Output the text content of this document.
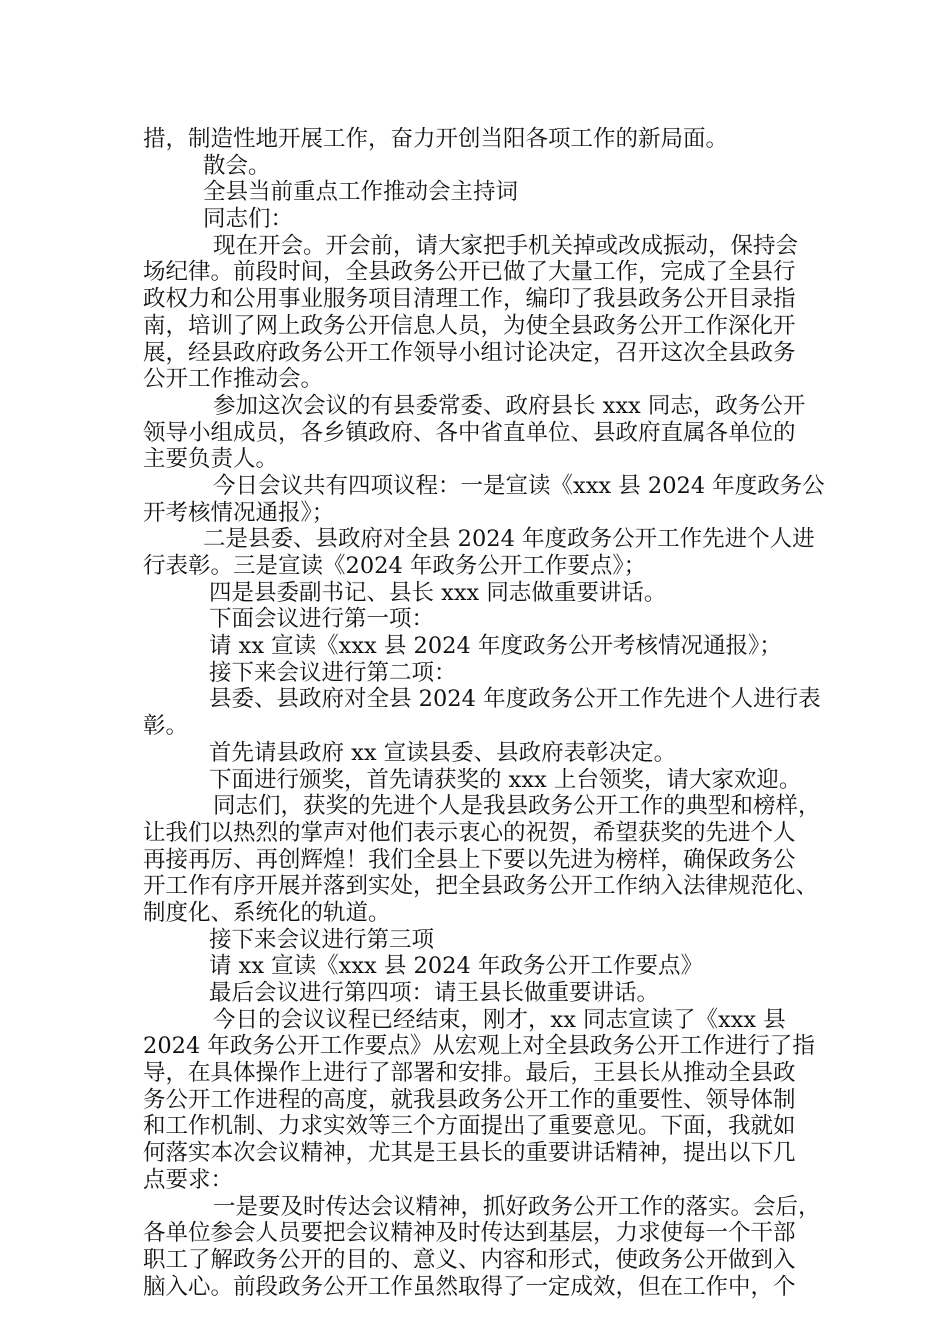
措，制造性地开展工作，奋力开创当阳各项工作的新局面。
散会。
全县当前重点工作推动会主持词
同志们：
现在开会。开会前，请大家把手机关掉或改成振动，保持会
场纪律。前段时间，全县政务公开已做了大量工作，完成了全县行
政权力和公用事业服务项目清理工作，编印了我县政务公开目录指
南，培训了网上政务公开信息人员，为使全县政务公开工作深化开
展，经县政府政务公开工作领导小组讨论决定，召开这次全县政务
公开工作推动会。
参加这次会议的有县委常委、政府县长 xxx 同志，政务公开
领导小组成员，各乡镇政府、各中省直单位、县政府直属各单位的
主要负责人。
今日会议共有四项议程：一是宣读《xxx 县 2024 年度政务公
开考核情况通报》；
二是县委、县政府对全县 2024 年度政务公开工作先进个人进
行表彰。三是宣读《2024 年政务公开工作要点》；
四是县委副书记、县长 xxx 同志做重要讲话。
下面会议进行第一项：
请 xx 宣读《xxx 县 2024 年度政务公开考核情况通报》；
接下来会议进行第二项：
县委、县政府对全县 2024 年度政务公开工作先进个人进行表
彰。
首先请县政府 xx 宣读县委、县政府表彰决定。
下面进行颁奖，首先请获奖的 xxx 上台领奖，请大家欢迎。
同志们，获奖的先进个人是我县政务公开工作的典型和榜样，
让我们以热烈的掌声对他们表示衷心的祝贺，希望获奖的先进个人
再接再厉、再创辉煌！我们全县上下要以先进为榜样，确保政务公
开工作有序开展并落到实处，把全县政务公开工作纳入法律规范化、
制度化、系统化的轨道。
接下来会议进行第三项
请 xx 宣读《xxx 县 2024 年政务公开工作要点》
最后会议进行第四项：请王县长做重要讲话。
今日的会议议程已经结束，刚才，xx 同志宣读了《xxx 县
2024 年政务公开工作要点》从宏观上对全县政务公开工作进行了指
导，在具体操作上进行了部署和安排。最后，王县长从推动全县政
务公开工作进程的高度，就我县政务公开工作的重要性、领导体制
和工作机制、力求实效等三个方面提出了重要意见。下面，我就如
何落实本次会议精神，尤其是王县长的重要讲话精神，提出以下几
点要求：
一是要及时传达会议精神，抓好政务公开工作的落实。会后，
各单位参会人员要把会议精神及时传达到基层，力求使每一个干部
职工了解政务公开的目的、意义、内容和形式，使政务公开做到入
脑入心。前段政务公开工作虽然取得了一定成效，但在工作中，个
